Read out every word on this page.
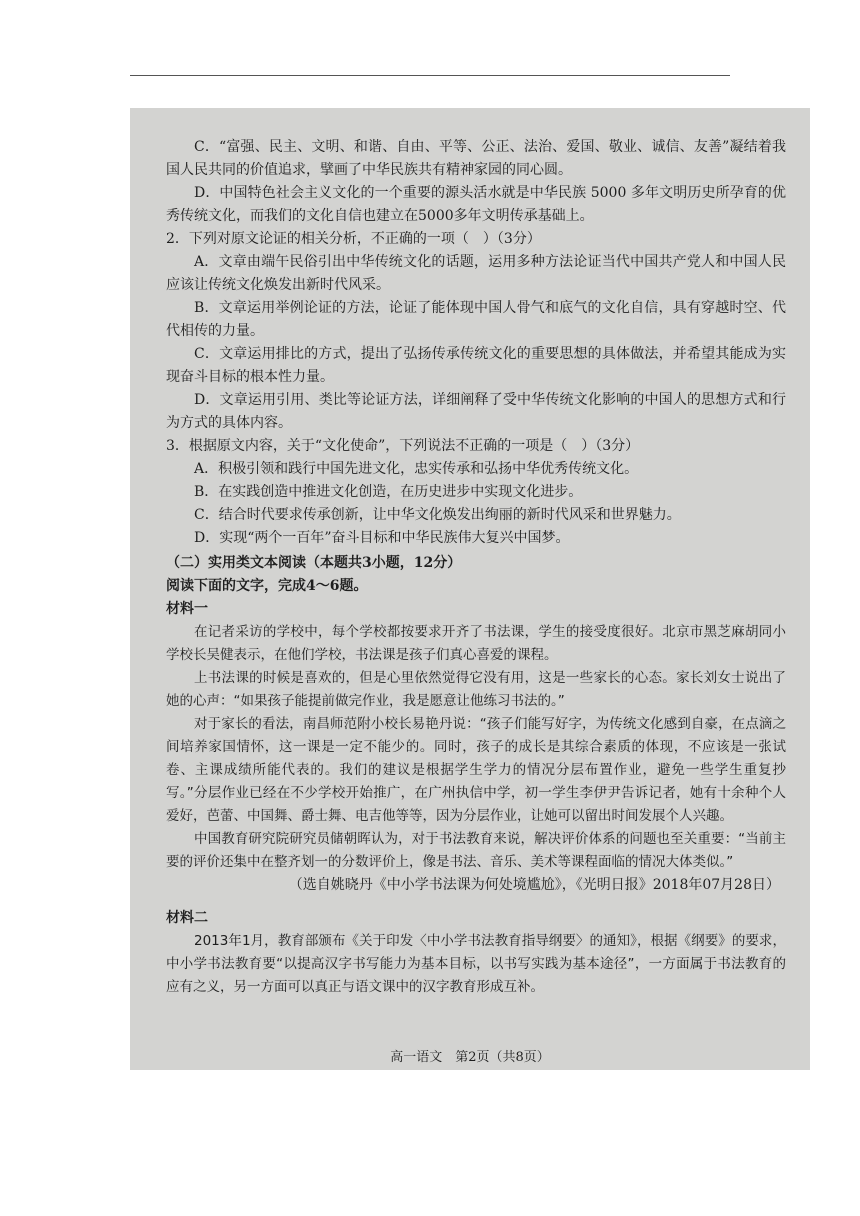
C．“富强、民主、文明、和谐、自由、平等、公正、法治、爱国、敬业、诚信、友善”凝结着我国人民共同的价值追求，擘画了中华民族共有精神家园的同心圆。

D．中国特色社会主义文化的一个重要的源头活水就是中华民族 5000 多年文明历史所孕育的优秀传统文化，而我们的文化自信也建立在5000多年文明传承基础上。

2．下列对原文论证的相关分析，不正确的一项（　）（3分）

A．文章由端午民俗引出中华传统文化的话题，运用多种方法论证当代中国共产党人和中国人民应该让传统文化焕发出新时代风采。

B．文章运用举例论证的方法，论证了能体现中国人骨气和底气的文化自信，具有穿越时空、代代相传的力量。

C．文章运用排比的方式，提出了弘扬传承传统文化的重要思想的具体做法，并希望其能成为实现奋斗目标的根本性力量。

D．文章运用引用、类比等论证方法，详细阐释了受中华传统文化影响的中国人的思想方式和行为方式的具体内容。

3．根据原文内容，关于“文化使命”，下列说法不正确的一项是（　）（3分）

A．积极引领和践行中国先进文化，忠实传承和弘扬中华优秀传统文化。

B．在实践创造中推进文化创造，在历史进步中实现文化进步。

C．结合时代要求传承创新，让中华文化焕发出绚丽的新时代风采和世界魅力。

D．实现“两个一百年”奋斗目标和中华民族伟大复兴中国梦。

（二）实用类文本阅读（本题共3小题，12分）

阅读下面的文字，完成4～6题。

材料一

在记者采访的学校中，每个学校都按要求开齐了书法课，学生的接受度很好。北京市黑芝麻胡同小学校长吴健表示，在他们学校，书法课是孩子们真心喜爱的课程。

上书法课的时候是喜欢的，但是心里依然觉得它没有用，这是一些家长的心态。家长刘女士说出了她的心声：“如果孩子能提前做完作业，我是愿意让他练习书法的。”

对于家长的看法，南昌师范附小校长易艳丹说：“孩子们能写好字，为传统文化感到自豪，在点滴之间培养家国情怀，这一课是一定不能少的。同时，孩子的成长是其综合素质的体现，不应该是一张试卷、主课成绩所能代表的。我们的建议是根据学生学力的情况分层布置作业，避免一些学生重复抄写。”分层作业已经在不少学校开始推广，在广州执信中学，初一学生李伊尹告诉记者，她有十余种个人爱好，芭蕾、中国舞、爵士舞、电吉他等等，因为分层作业，让她可以留出时间发展个人兴趣。

中国教育研究院研究员储朝晖认为，对于书法教育来说，解决评价体系的问题也至关重要：“当前主要的评价还集中在整齐划一的分数评价上，像是书法、音乐、美术等课程面临的情况大体类似。”

（选自姚晓丹《中小学书法课为何处境尴尬》，《光明日报》2018年07月28日）

材料二

2013年1月，教育部颁布《关于印发〈中小学书法教育指导纲要〉的通知》，根据《纲要》的要求，中小学书法教育要“以提高汉字书写能力为基本目标，以书写实践为基本途径”，一方面属于书法教育的应有之义，另一方面可以真正与语文课中的汉字教育形成互补。

高一语文　第2页（共8页）
